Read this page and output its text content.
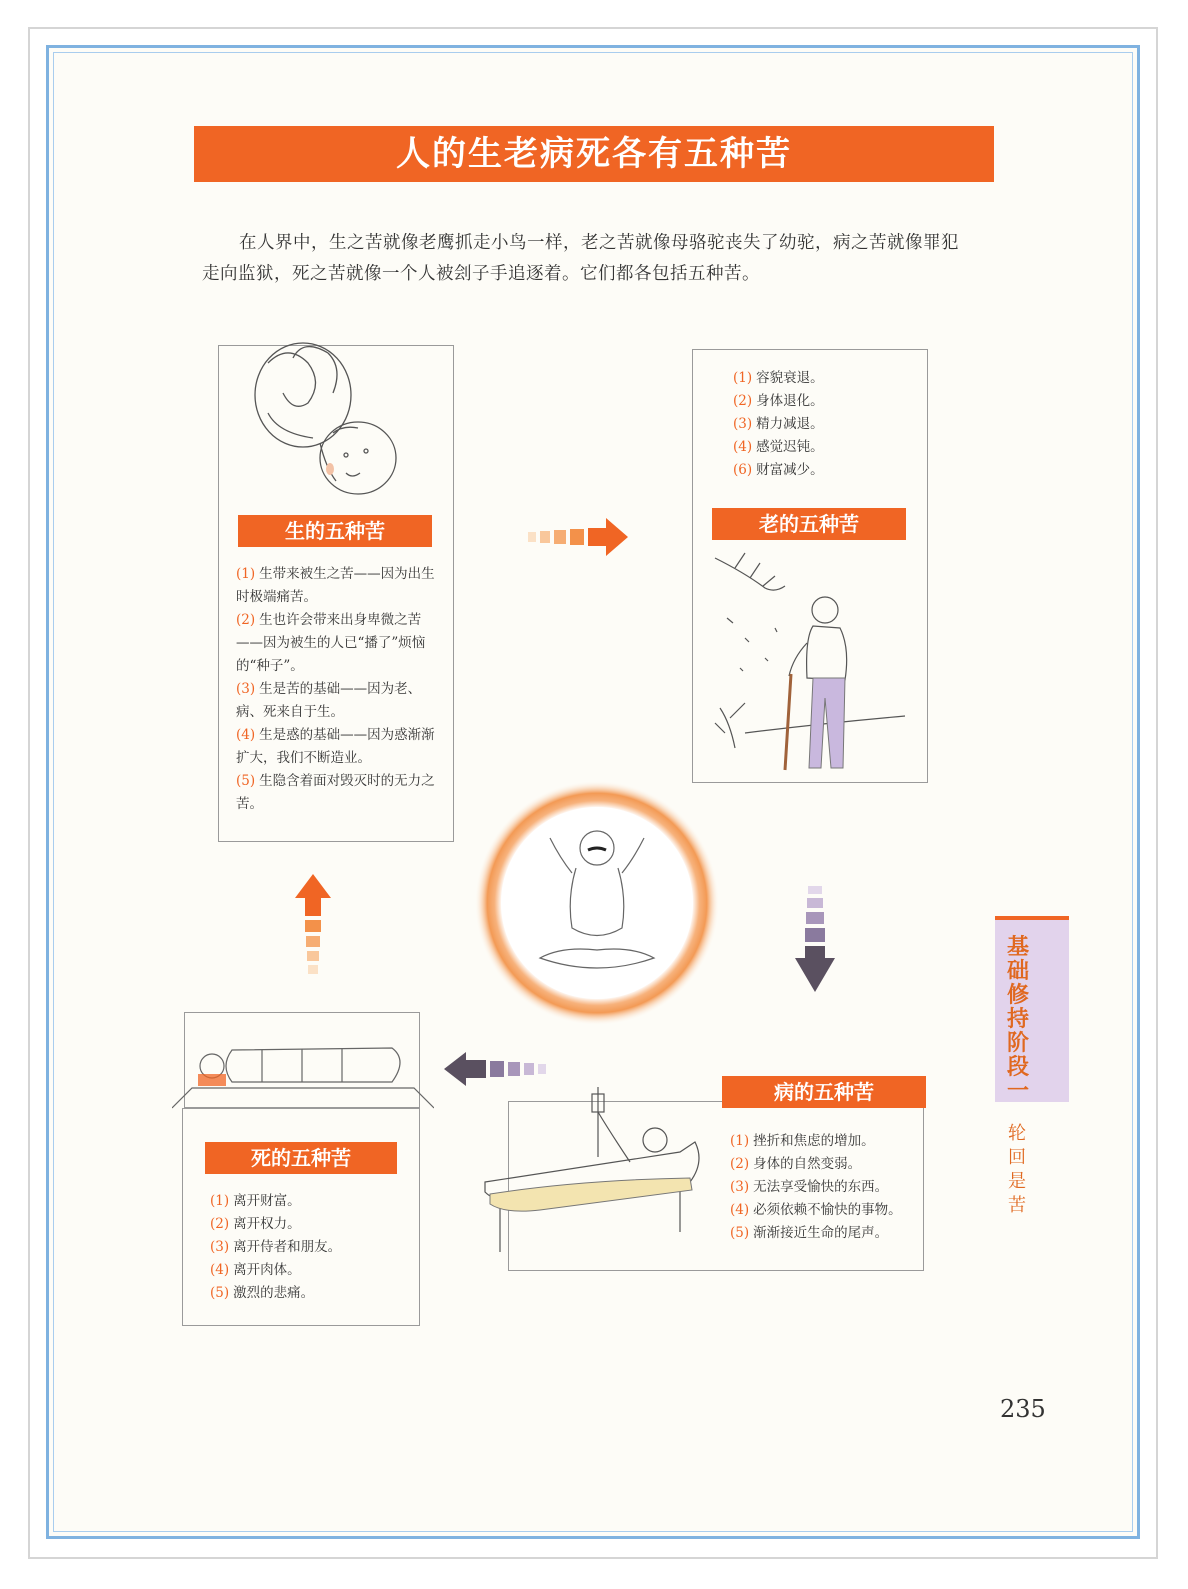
人的生老病死各有五种苦
在人界中，生之苦就像老鹰抓走小鸟一样，老之苦就像母骆驼丧失了幼驼，病之苦就像罪犯走向监狱，死之苦就像一个人被刽子手追逐着。它们都各包括五种苦。
生的五种苦
(1) 生带来被生之苦——因为出生时极端痛苦。
(2) 生也许会带来出身卑微之苦——因为被生的人已“播了”烦恼的“种子”。
(3) 生是苦的基础——因为老、病、死来自于生。
(4) 生是惑的基础——因为惑渐渐扩大，我们不断造业。
(5) 生隐含着面对毁灭时的无力之苦。
(1) 容貌衰退。
(2) 身体退化。
(3) 精力减退。
(4) 感觉迟钝。
(6) 财富减少。
老的五种苦
病的五种苦
(1) 挫折和焦虑的增加。
(2) 身体的自然变弱。
(3) 无法享受愉快的东西。
(4) 必须依赖不愉快的事物。
(5) 渐渐接近生命的尾声。
死的五种苦
(1) 离开财富。
(2) 离开权力。
(3) 离开侍者和朋友。
(4) 离开肉体。
(5) 激烈的悲痛。
基础修持阶段一
轮回是苦
235
